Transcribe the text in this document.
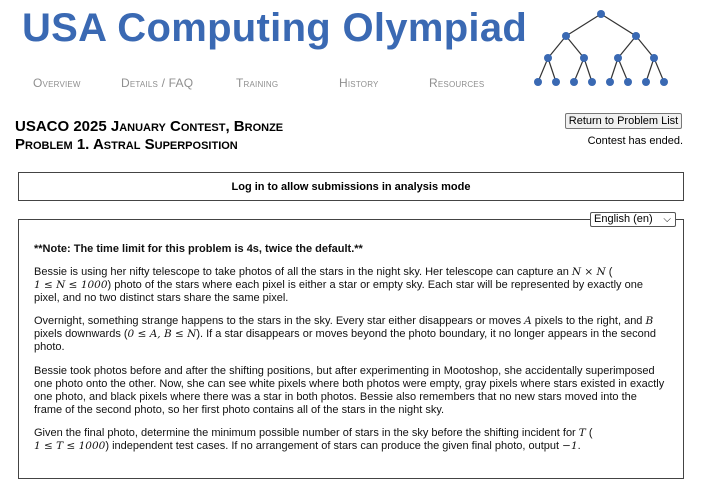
USA Computing Olympiad
Overview	Details / FAQ	Training	History	Resources
USACO 2025 January Contest, Bronze
Problem 1. Astral Superposition
Return to Problem List
Contest has ended.
Log in to allow submissions in analysis mode
English (en) ⌵
**Note: The time limit for this problem is 4s, twice the default.**
Bessie is using her nifty telescope to take photos of all the stars in the night sky. Her telescope can capture an N × N (
1 ≤ N ≤ 1000) photo of the stars where each pixel is either a star or empty sky. Each star will be represented by exactly one pixel, and no two distinct stars share the same pixel.
Overnight, something strange happens to the stars in the sky. Every star either disappears or moves A pixels to the right, and B pixels downwards (0 ≤ A, B ≤ N). If a star disappears or moves beyond the photo boundary, it no longer appears in the second photo.
Bessie took photos before and after the shifting positions, but after experimenting in Mootoshop, she accidentally superimposed one photo onto the other. Now, she can see white pixels where both photos were empty, gray pixels where stars existed in exactly one photo, and black pixels where there was a star in both photos. Bessie also remembers that no new stars moved into the frame of the second photo, so her first photo contains all of the stars in the night sky.
Given the final photo, determine the minimum possible number of stars in the sky before the shifting incident for T (
1 ≤ T ≤ 1000) independent test cases. If no arrangement of stars can produce the given final photo, output −1.
